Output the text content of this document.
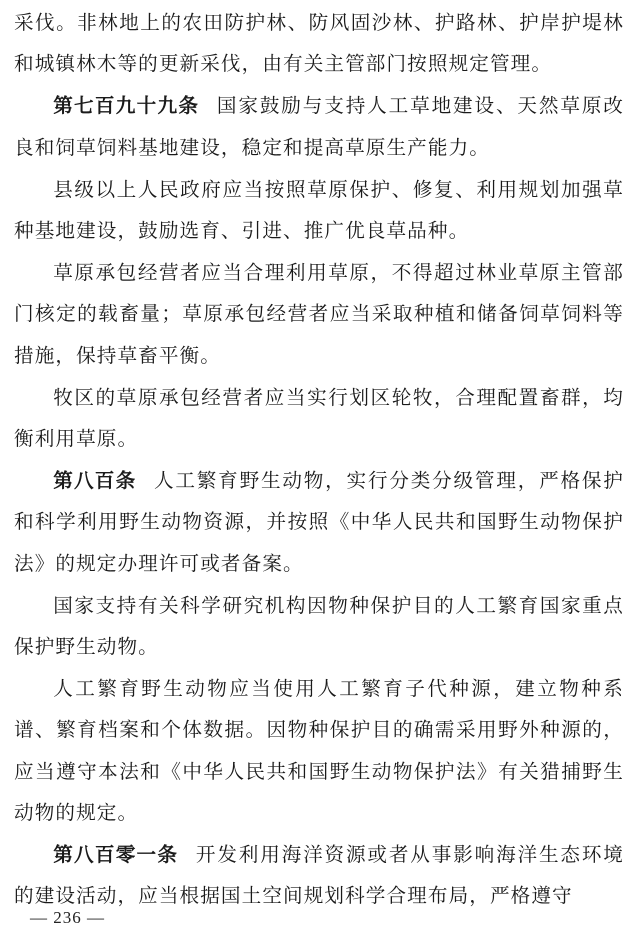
采伐。非林地上的农田防护林、防风固沙林、护路林、护岸护堤林和城镇林木等的更新采伐，由有关主管部门按照规定管理。

第七百九十九条 国家鼓励与支持人工草地建设、天然草原改良和饲草饲料基地建设，稳定和提高草原生产能力。

县级以上人民政府应当按照草原保护、修复、利用规划加强草种基地建设，鼓励选育、引进、推广优良草品种。

草原承包经营者应当合理利用草原，不得超过林业草原主管部门核定的载畜量；草原承包经营者应当采取种植和储备饲草饲料等措施，保持草畜平衡。

牧区的草原承包经营者应当实行划区轮牧，合理配置畜群，均衡利用草原。

第八百条 人工繁育野生动物，实行分类分级管理，严格保护和科学利用野生动物资源，并按照《中华人民共和国野生动物保护法》的规定办理许可或者备案。

国家支持有关科学研究机构因物种保护目的人工繁育国家重点保护野生动物。

人工繁育野生动物应当使用人工繁育子代种源，建立物种系谱、繁育档案和个体数据。因物种保护目的确需采用野外种源的，应当遵守本法和《中华人民共和国野生动物保护法》有关猎捕野生动物的规定。

第八百零一条 开发利用海洋资源或者从事影响海洋生态环境的建设活动，应当根据国土空间规划科学合理布局，严格遵守

— 236 —
